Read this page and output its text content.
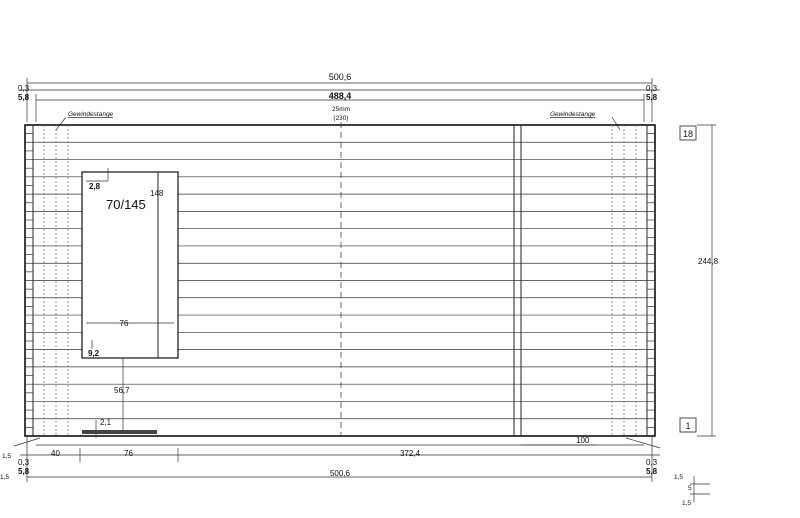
500,6
488,4
25mm
(230)
0,3
5,8
0,3
5,8
Gewindestange	Gewindestange
76
70/145
148
2,8
9,2
56,7
2,1
18
1
244,8
40	76	372,4
500,6
100
0,3
5,8
0,3
5,8
1,5
1,5	1,5
5
1,5
